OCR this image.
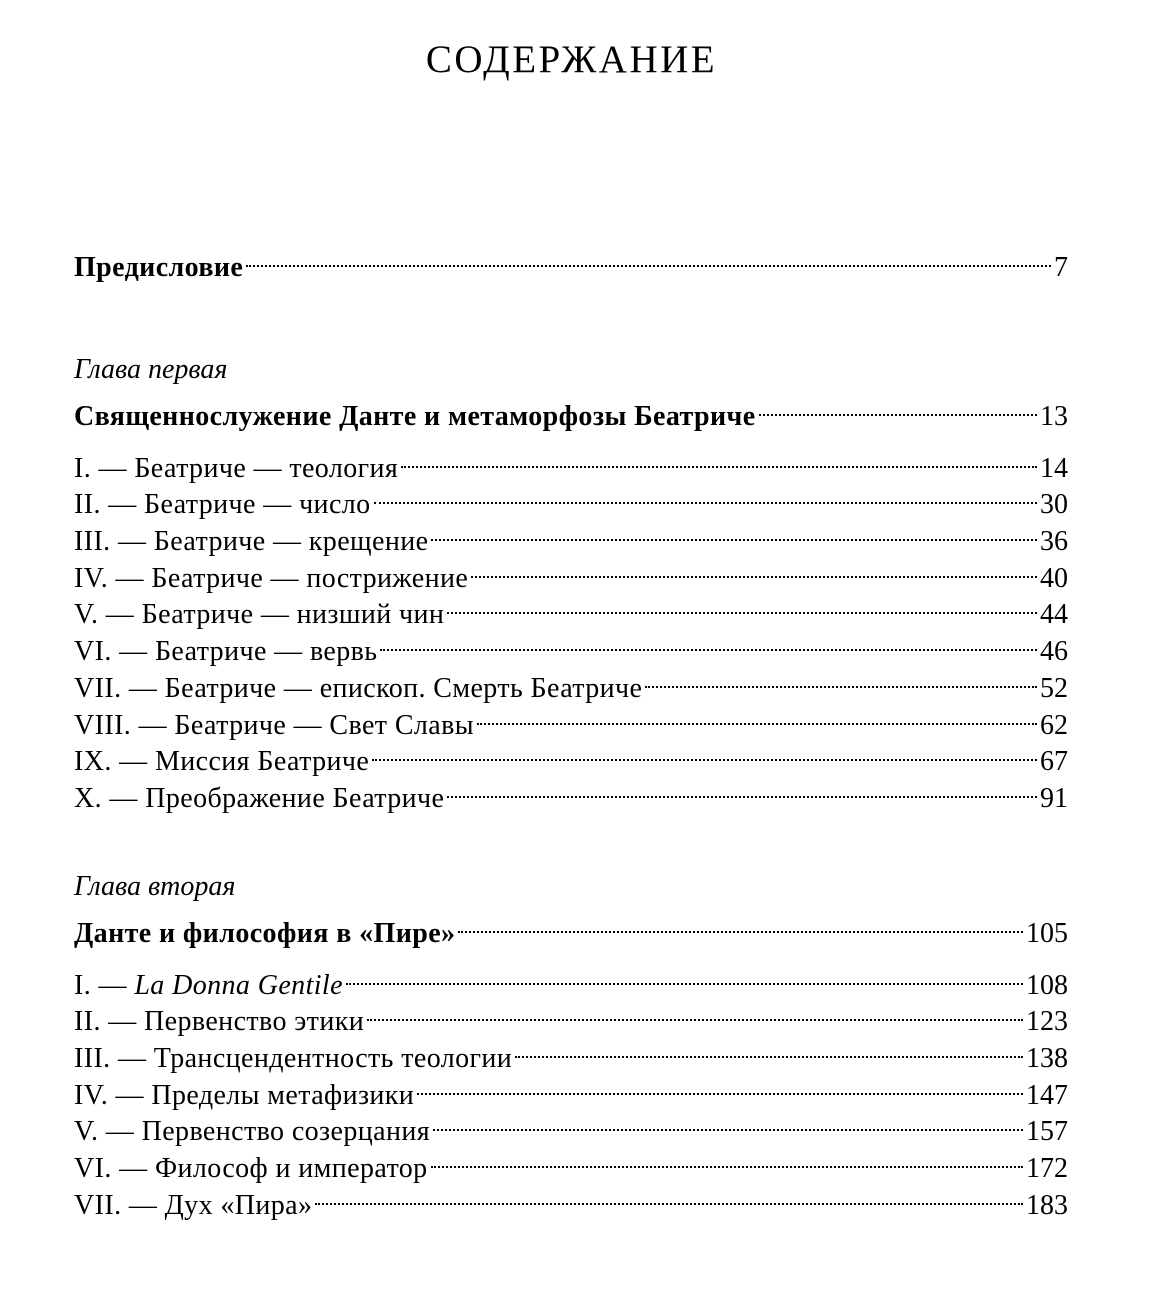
СОДЕРЖАНИЕ
Предисловие	7
Глава первая
Священнослужение Данте и метаморфозы Беатриче	13
I. — Беатриче — теология	14
II. — Беатриче — число	30
III. — Беатриче — крещение	36
IV. — Беатриче — пострижение	40
V. — Беатриче — низший чин	44
VI. — Беатриче — вервь	46
VII. — Беатриче — епископ. Смерть Беатриче	52
VIII. — Беатриче — Свет Славы	62
IX. — Миссия Беатриче	67
X. — Преображение Беатриче	91
Глава вторая
Данте и философия в «Пире»	105
I. — La Donna Gentile	108
II. — Первенство этики	123
III. — Трансцендентность теологии	138
IV. — Пределы метафизики	147
V. — Первенство созерцания	157
VI. — Философ и император	172
VII. — Дух «Пира»	183
